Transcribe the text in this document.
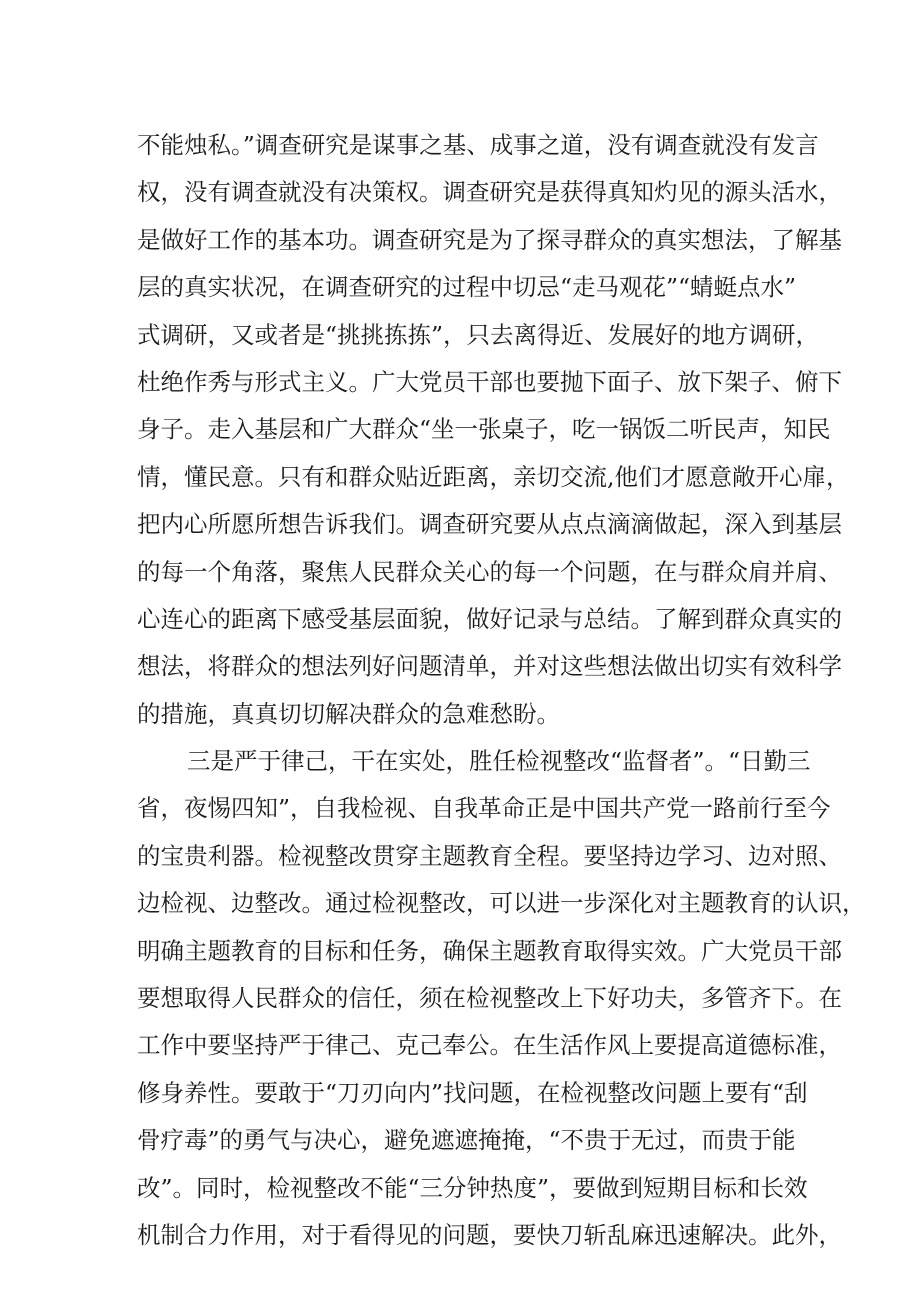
不能烛私。”调查研究是谋事之基、成事之道，没有调查就没有发言
权，没有调查就没有决策权。调查研究是获得真知灼见的源头活水，
是做好工作的基本功。调查研究是为了探寻群众的真实想法，了解基
层的真实状况，在调查研究的过程中切忌“走马观花”“蜻蜓点水”
式调研，又或者是“挑挑拣拣”，只去离得近、发展好的地方调研，
杜绝作秀与形式主义。广大党员干部也要抛下面子、放下架子、俯下
身子。走入基层和广大群众“坐一张桌子，吃一锅饭二听民声，知民
情，懂民意。只有和群众贴近距离，亲切交流,他们才愿意敞开心扉，
把内心所愿所想告诉我们。调查研究要从点点滴滴做起，深入到基层
的每一个角落，聚焦人民群众关心的每一个问题，在与群众肩并肩、
心连心的距离下感受基层面貌，做好记录与总结。了解到群众真实的
想法，将群众的想法列好问题清单，并对这些想法做出切实有效科学
的措施，真真切切解决群众的急难愁盼。
三是严于律己，干在实处，胜任检视整改“监督者”。“日勤三
省，夜惕四知”，自我检视、自我革命正是中国共产党一路前行至今
的宝贵利器。检视整改贯穿主题教育全程。要坚持边学习、边对照、
边检视、边整改。通过检视整改，可以进一步深化对主题教育的认识，
明确主题教育的目标和任务，确保主题教育取得实效。广大党员干部
要想取得人民群众的信任，须在检视整改上下好功夫，多管齐下。在
工作中要坚持严于律己、克己奉公。在生活作风上要提高道德标准，
修身养性。要敢于“刀刃向内”找问题，在检视整改问题上要有“刮
骨疗毒”的勇气与决心，避免遮遮掩掩，“不贵于无过，而贵于能
改”。同时，检视整改不能“三分钟热度”，要做到短期目标和长效
机制合力作用，对于看得见的问题，要快刀斩乱麻迅速解决。此外，
